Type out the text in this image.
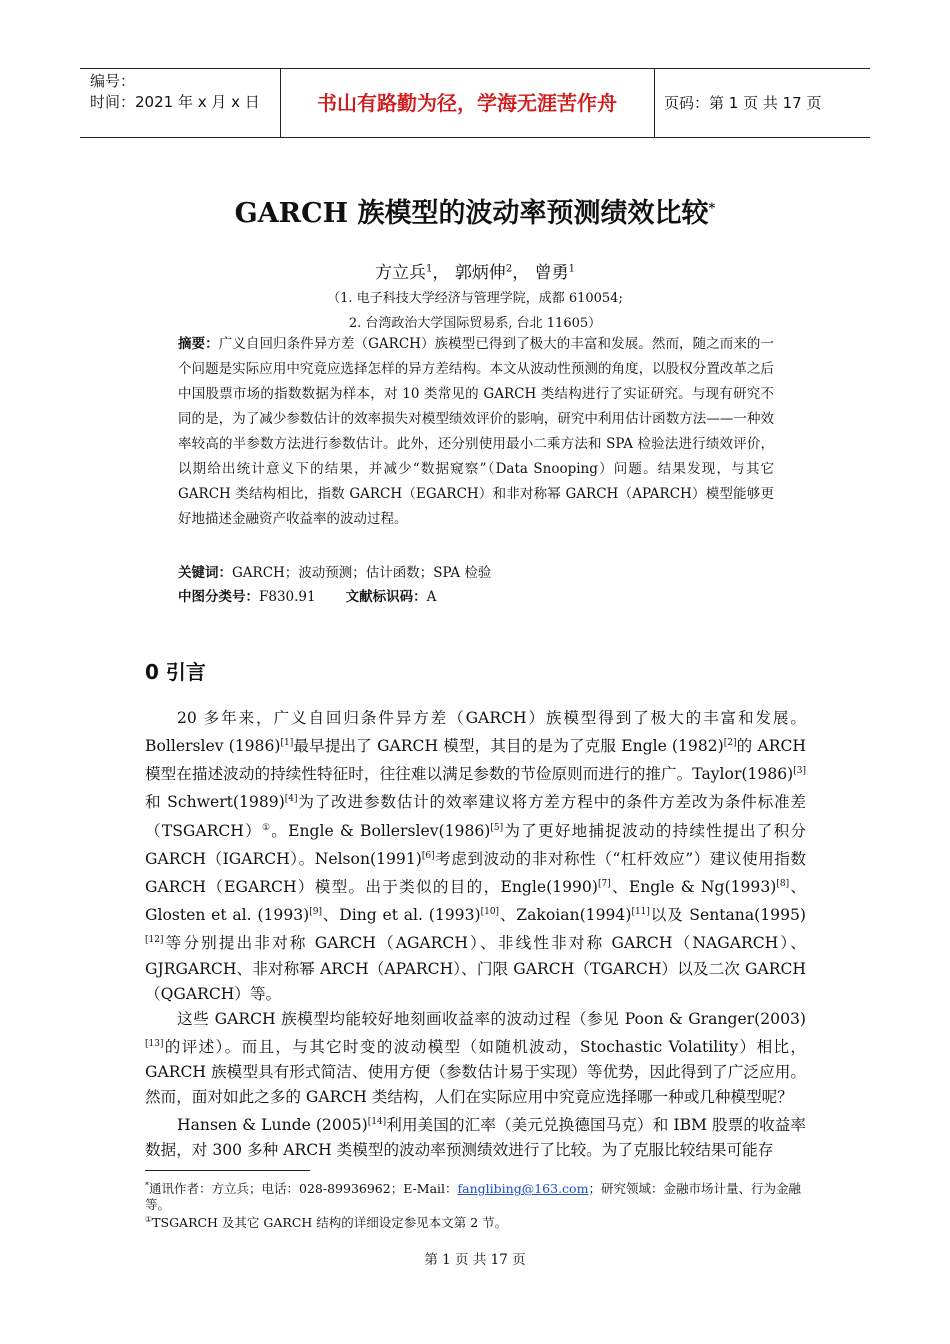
编号：
时间：2021 年 x 月 x 日	书山有路勤为径，学海无涯苦作舟	页码：第 1 页 共 17 页
GARCH 族模型的波动率预测绩效比较*
方立兵$^1$， 郭炳伸$^2$， 曾勇$^1$
（1. 电子科技大学经济与管理学院，成都 610054;
2. 台湾政治大学国际贸易系, 台北 11605）
摘要：广义自回归条件异方差（GARCH）族模型已得到了极大的丰富和发展。然而，随之而来的一个问题是实际应用中究竟应选择怎样的异方差结构。本文从波动性预测的角度，以股权分置改革之后中国股票市场的指数数据为样本，对 10 类常见的 GARCH 类结构进行了实证研究。与现有研究不同的是，为了减少参数估计的效率损失对模型绩效评价的影响，研究中利用估计函数方法——一种效率较高的半参数方法进行参数估计。此外，还分别使用最小二乘方法和 SPA 检验法进行绩效评价，以期给出统计意义下的结果，并减少“数据窥察”（Data Snooping）问题。结果发现，与其它 GARCH 类结构相比，指数 GARCH（EGARCH）和非对称幂 GARCH（APARCH）模型能够更好地描述金融资产收益率的波动过程。
关键词：GARCH；波动预测；估计函数；SPA 检验
中图分类号：F830.91 文献标识码：A
0 引言

20 多年来，广义自回归条件异方差（GARCH）族模型得到了极大的丰富和发展。Bollerslev (1986)[1]最早提出了 GARCH 模型，其目的是为了克服 Engle (1982)[2]的 ARCH 模型在描述波动的持续性特征时，往往难以满足参数的节俭原则而进行的推广。Taylor(1986)[3]和 Schwert(1989)[4]为了改进参数估计的效率建议将方差方程中的条件方差改为条件标准差（TSGARCH）①。Engle & Bollerslev(1986)[5]为了更好地捕捉波动的持续性提出了积分 GARCH（IGARCH）。Nelson(1991)[6]考虑到波动的非对称性（“杠杆效应”）建议使用指数 GARCH（EGARCH）模型。出于类似的目的，Engle(1990)[7]、Engle & Ng(1993)[8]、Glosten et al. (1993)[9]、Ding et al. (1993)[10]、Zakoian(1994)[11]以及 Sentana(1995)[12]等分别提出非对称 GARCH（AGARCH）、非线性非对称 GARCH（NAGARCH）、GJRGARCH、非对称幂 ARCH（APARCH）、门限 GARCH（TGARCH）以及二次 GARCH（QGARCH）等。

这些 GARCH 族模型均能较好地刻画收益率的波动过程（参见 Poon & Granger(2003)[13]的评述）。而且，与其它时变的波动模型（如随机波动，Stochastic Volatility）相比，GARCH 族模型具有形式简洁、使用方便（参数估计易于实现）等优势，因此得到了广泛应用。然而，面对如此之多的 GARCH 类结构，人们在实际应用中究竟应选择哪一种或几种模型呢？

Hansen & Lunde (2005)[14]利用美国的汇率（美元兑换德国马克）和 IBM 股票的收益率数据，对 300 多种 ARCH 类模型的波动率预测绩效进行了比较。为了克服比较结果可能存

*通讯作者：方立兵；电话：028-89936962；E-Mail：fanglibing@163.com；研究领域：金融市场计量、行为金融等。
①TSGARCH 及其它 GARCH 结构的详细设定参见本文第 2 节。
第 1 页 共 17 页
